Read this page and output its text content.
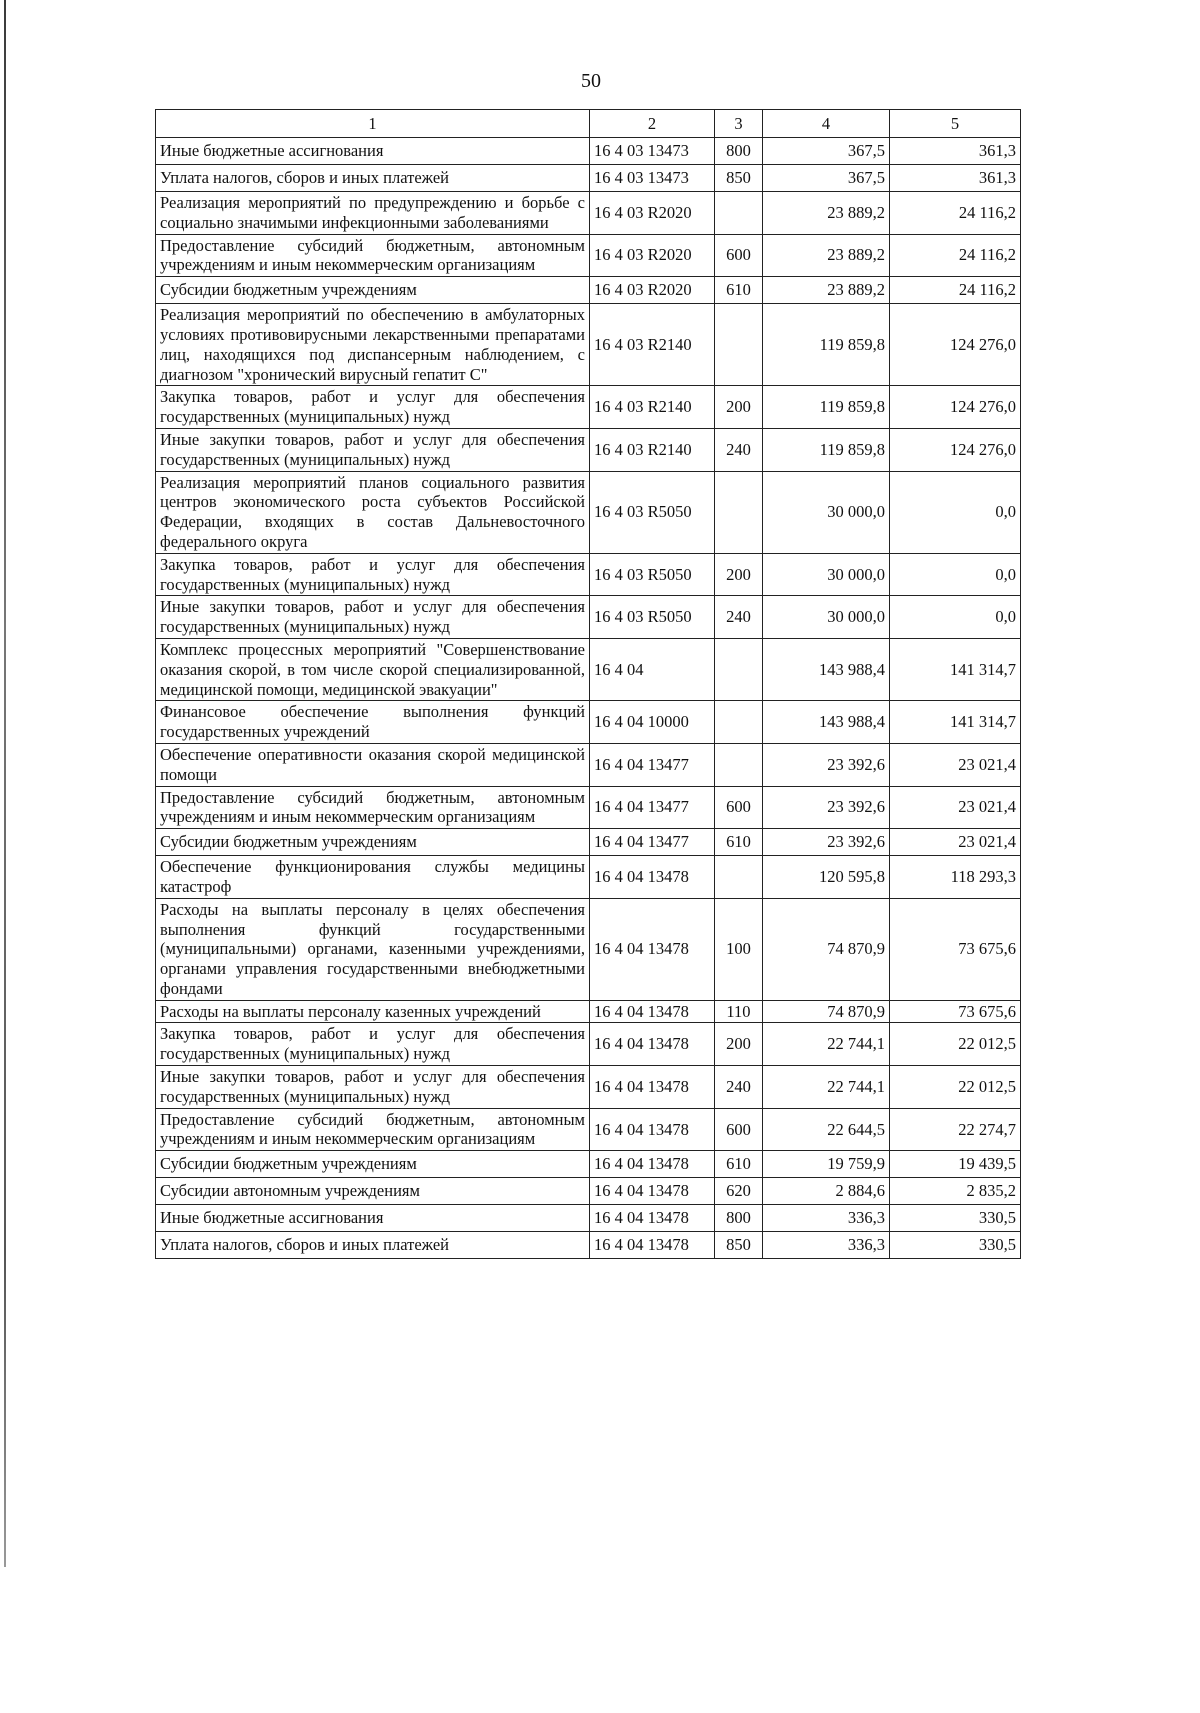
50
1	2	3	4	5
Иные бюджетные ассигнования	16 4 03 13473	800	367,5	361,3
Уплата налогов, сборов и иных платежей	16 4 03 13473	850	367,5	361,3
Реализация мероприятий по предупреждению и борьбе с социально значимыми инфекционными заболеваниями	16 4 03 R2020		23 889,2	24 116,2
Предоставление субсидий бюджетным, автономным учреждениям и иным некоммерческим организациям	16 4 03 R2020	600	23 889,2	24 116,2
Субсидии бюджетным учреждениям	16 4 03 R2020	610	23 889,2	24 116,2
Реализация мероприятий по обеспечению в амбулаторных условиях противовирусными лекарственными препаратами лиц, находящихся под диспансерным наблюдением, с диагнозом "хронический вирусный гепатит С"	16 4 03 R2140		119 859,8	124 276,0
Закупка товаров, работ и услуг для обеспечения государственных (муниципальных) нужд	16 4 03 R2140	200	119 859,8	124 276,0
Иные закупки товаров, работ и услуг для обеспечения государственных (муниципальных) нужд	16 4 03 R2140	240	119 859,8	124 276,0
Реализация мероприятий планов социального развития центров экономического роста субъектов Российской Федерации, входящих в состав Дальневосточного федерального округа	16 4 03 R5050		30 000,0	0,0
Закупка товаров, работ и услуг для обеспечения государственных (муниципальных) нужд	16 4 03 R5050	200	30 000,0	0,0
Иные закупки товаров, работ и услуг для обеспечения государственных (муниципальных) нужд	16 4 03 R5050	240	30 000,0	0,0
Комплекс процессных мероприятий "Совершенствование оказания скорой, в том числе скорой специализированной, медицинской помощи, медицинской эвакуации"	16 4 04		143 988,4	141 314,7
Финансовое обеспечение выполнения функций государственных учреждений	16 4 04 10000		143 988,4	141 314,7
Обеспечение оперативности оказания скорой медицинской помощи	16 4 04 13477		23 392,6	23 021,4
Предоставление субсидий бюджетным, автономным учреждениям и иным некоммерческим организациям	16 4 04 13477	600	23 392,6	23 021,4
Субсидии бюджетным учреждениям	16 4 04 13477	610	23 392,6	23 021,4
Обеспечение функционирования службы медицины катастроф	16 4 04 13478		120 595,8	118 293,3
Расходы на выплаты персоналу в целях обеспечения выполнения функций государственными (муниципальными) органами, казенными учреждениями, органами управления государственными внебюджетными фондами	16 4 04 13478	100	74 870,9	73 675,6
Расходы на выплаты персоналу казенных учреждений	16 4 04 13478	110	74 870,9	73 675,6
Закупка товаров, работ и услуг для обеспечения государственных (муниципальных) нужд	16 4 04 13478	200	22 744,1	22 012,5
Иные закупки товаров, работ и услуг для обеспечения государственных (муниципальных) нужд	16 4 04 13478	240	22 744,1	22 012,5
Предоставление субсидий бюджетным, автономным учреждениям и иным некоммерческим организациям	16 4 04 13478	600	22 644,5	22 274,7
Субсидии бюджетным учреждениям	16 4 04 13478	610	19 759,9	19 439,5
Субсидии автономным учреждениям	16 4 04 13478	620	2 884,6	2 835,2
Иные бюджетные ассигнования	16 4 04 13478	800	336,3	330,5
Уплата налогов, сборов и иных платежей	16 4 04 13478	850	336,3	330,5
